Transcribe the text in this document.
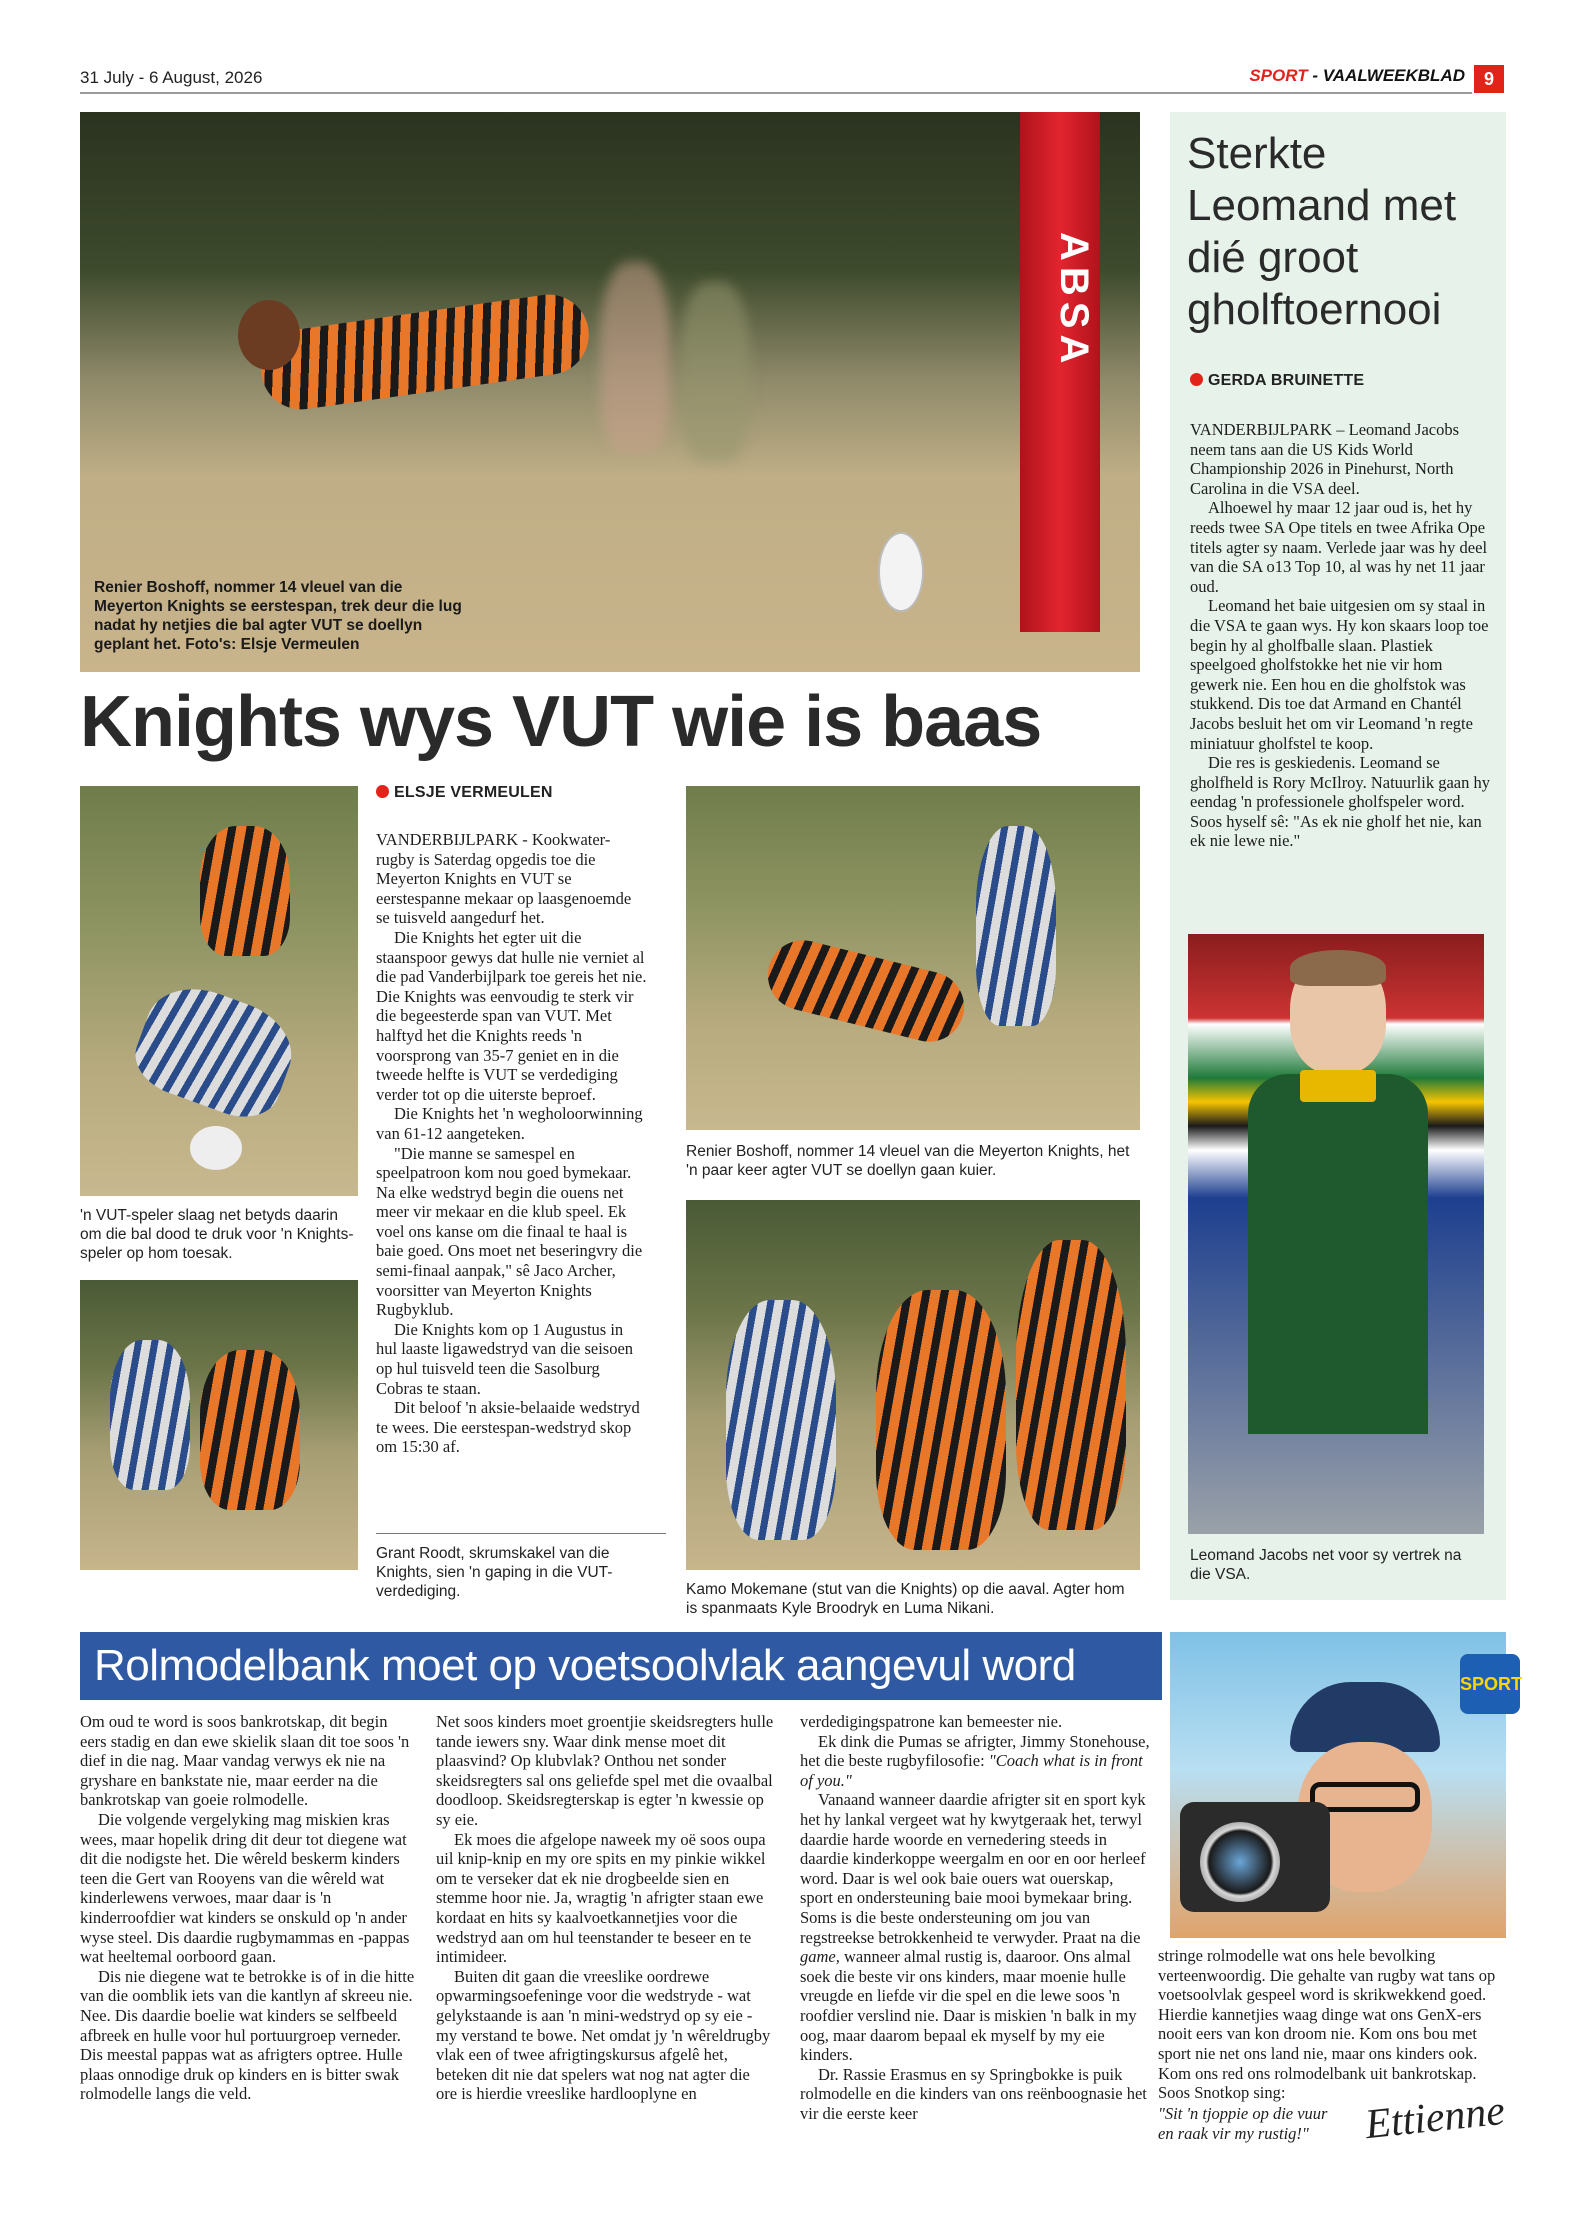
31 July - 6 August, 2026	SPORT - VAALWEEKBLAD	9
ABSA
Renier Boshoff, nommer 14 vleuel van die Meyerton Knights se eerstespan, trek deur die lug nadat hy netjies die bal agter VUT se doellyn geplant het. Foto's: Elsje Vermeulen
Knights wys VUT wie is baas
'n VUT-speler slaag net betyds daarin om die bal dood te druk voor 'n Knights-speler op hom toesak.
ELSJE VERMEULEN

VANDERBIJLPARK - Kookwater-rugby is Saterdag opgedis toe die Meyerton Knights en VUT se eerstespanne mekaar op laasgenoemde se tuisveld aangedurf het.

Die Knights het egter uit die staanspoor gewys dat hulle nie verniet al die pad Vanderbijlpark toe gereis het nie. Die Knights was eenvoudig te sterk vir die begeesterde span van VUT. Met halftyd het die Knights reeds 'n voorsprong van 35-7 geniet en in die tweede helfte is VUT se verdediging verder tot op die uiterste beproef.

Die Knights het 'n wegholoorwinning van 61-12 aangeteken.

"Die manne se samespel en speelpatroon kom nou goed bymekaar. Na elke wedstryd begin die ouens net meer vir mekaar en die klub speel. Ek voel ons kanse om die finaal te haal is baie goed. Ons moet net beseringvry die semi-finaal aanpak," sê Jaco Archer, voorsitter van Meyerton Knights Rugbyklub.

Die Knights kom op 1 Augustus in hul laaste ligawedstryd van die seisoen op hul tuisveld teen die Sasolburg Cobras te staan.

Dit beloof 'n aksie-belaaide wedstryd te wees. Die eerstespan-wedstryd skop om 15:30 af.

Grant Roodt, skrumskakel van die Knights, sien 'n gaping in die VUT-verdediging.
Renier Boshoff, nommer 14 vleuel van die Meyerton Knights, het 'n paar keer agter VUT se doellyn gaan kuier.
Kamo Mokemane (stut van die Knights) op die aaval. Agter hom is spanmaats Kyle Broodryk en Luma Nikani.
Sterkte Leomand met dié groot gholftoernooi
GERDA BRUINETTE

VANDERBIJLPARK – Leomand Jacobs neem tans aan die US Kids World Championship 2026 in Pinehurst, North Carolina in die VSA deel.

Alhoewel hy maar 12 jaar oud is, het hy reeds twee SA Ope titels en twee Afrika Ope titels agter sy naam. Verlede jaar was hy deel van die SA o13 Top 10, al was hy net 11 jaar oud.

Leomand het baie uitgesien om sy staal in die VSA te gaan wys. Hy kon skaars loop toe begin hy al gholfballe slaan. Plastiek speelgoed gholfstokke het nie vir hom gewerk nie. Een hou en die gholfstok was stukkend. Dis toe dat Armand en Chantél Jacobs besluit het om vir Leomand 'n regte miniatuur gholfstel te koop.

Die res is geskiedenis. Leomand se gholfheld is Rory McIlroy. Natuurlik gaan hy eendag 'n professionele gholfspeler word. Soos hyself sê: "As ek nie gholf het nie, kan ek nie lewe nie."

Leomand Jacobs net voor sy vertrek na die VSA.
Rolmodelbank moet op voetsoolvlak aangevul word	SPORT

Om oud te word is soos bankrotskap, dit begin eers stadig en dan ewe skielik slaan dit toe soos 'n dief in die nag. Maar vandag verwys ek nie na gryshare en bankstate nie, maar eerder na die bankrotskap van goeie rolmodelle.

Die volgende vergelyking mag miskien kras wees, maar hopelik dring dit deur tot diegene wat dit die nodigste het. Die wêreld beskerm kinders teen die Gert van Rooyens van die wêreld wat kinderlewens verwoes, maar daar is 'n kinderroofdier wat kinders se onskuld op 'n ander wyse steel. Dis daardie rugbymammas en -pappas wat heeltemal oorboord gaan.

Dis nie diegene wat te betrokke is of in die hitte van die oomblik iets van die kantlyn af skreeu nie. Nee. Dis daardie boelie wat kinders se selfbeeld afbreek en hulle voor hul portuurgroep verneder. Dis meestal pappas wat as afrigters optree. Hulle plaas onnodige druk op kinders en is bitter swak rolmodelle langs die veld.

Net soos kinders moet groentjie skeidsregters hulle tande iewers sny. Waar dink mense moet dit plaasvind? Op klubvlak? Onthou net sonder skeidsregters sal ons geliefde spel met die ovaalbal doodloop. Skeidsregterskap is egter 'n kwessie op sy eie.

Ek moes die afgelope naweek my oë soos oupa uil knip-knip en my ore spits en my pinkie wikkel om te verseker dat ek nie drogbeelde sien en stemme hoor nie. Ja, wragtig 'n afrigter staan ewe kordaat en hits sy kaalvoetkannetjies voor die wedstryd aan om hul teenstander te beseer en te intimideer.

Buiten dit gaan die vreeslike oordrewe opwarmingsoefeninge voor die wedstryde - wat gelykstaande is aan 'n mini-wedstryd op sy eie - my verstand te bowe. Net omdat jy 'n wêreldrugby vlak een of twee afrigtingskursus afgelê het, beteken dit nie dat spelers wat nog nat agter die ore is hierdie vreeslike hardlooplyne en

verdedigingspatrone kan bemeester nie.

Ek dink die Pumas se afrigter, Jimmy Stonehouse, het die beste rugbyfilosofie: "Coach what is in front of you."

Vanaand wanneer daardie afrigter sit en sport kyk het hy lankal vergeet wat hy kwytgeraak het, terwyl daardie harde woorde en vernedering steeds in daardie kinderkoppe weergalm en oor en oor herleef word. Daar is wel ook baie ouers wat ouerskap, sport en ondersteuning baie mooi bymekaar bring. Soms is die beste ondersteuning om jou van regstreekse betrokkenheid te verwyder. Praat na die game, wanneer almal rustig is, daaroor. Ons almal soek die beste vir ons kinders, maar moenie hulle vreugde en liefde vir die spel en die lewe soos 'n roofdier verslind nie. Daar is miskien 'n balk in my oog, maar daarom bepaal ek myself by my eie kinders.

Dr. Rassie Erasmus en sy Springbokke is puik rolmodelle en die kinders van ons reënboognasie het vir die eerste keer

stringe rolmodelle wat ons hele bevolking verteenwoordig. Die gehalte van rugby wat tans op voetsoolvlak gespeel word is skrikwekkend goed. Hierdie kannetjies waag dinge wat ons GenX-ers nooit eers van kon droom nie. Kom ons bou met sport nie net ons land nie, maar ons kinders ook. Kom ons red ons rolmodelbank uit bankrotskap. Soos Snotkop sing:

"Sit 'n tjoppie op die vuur en raak vir my rustig!"	Ettienne
